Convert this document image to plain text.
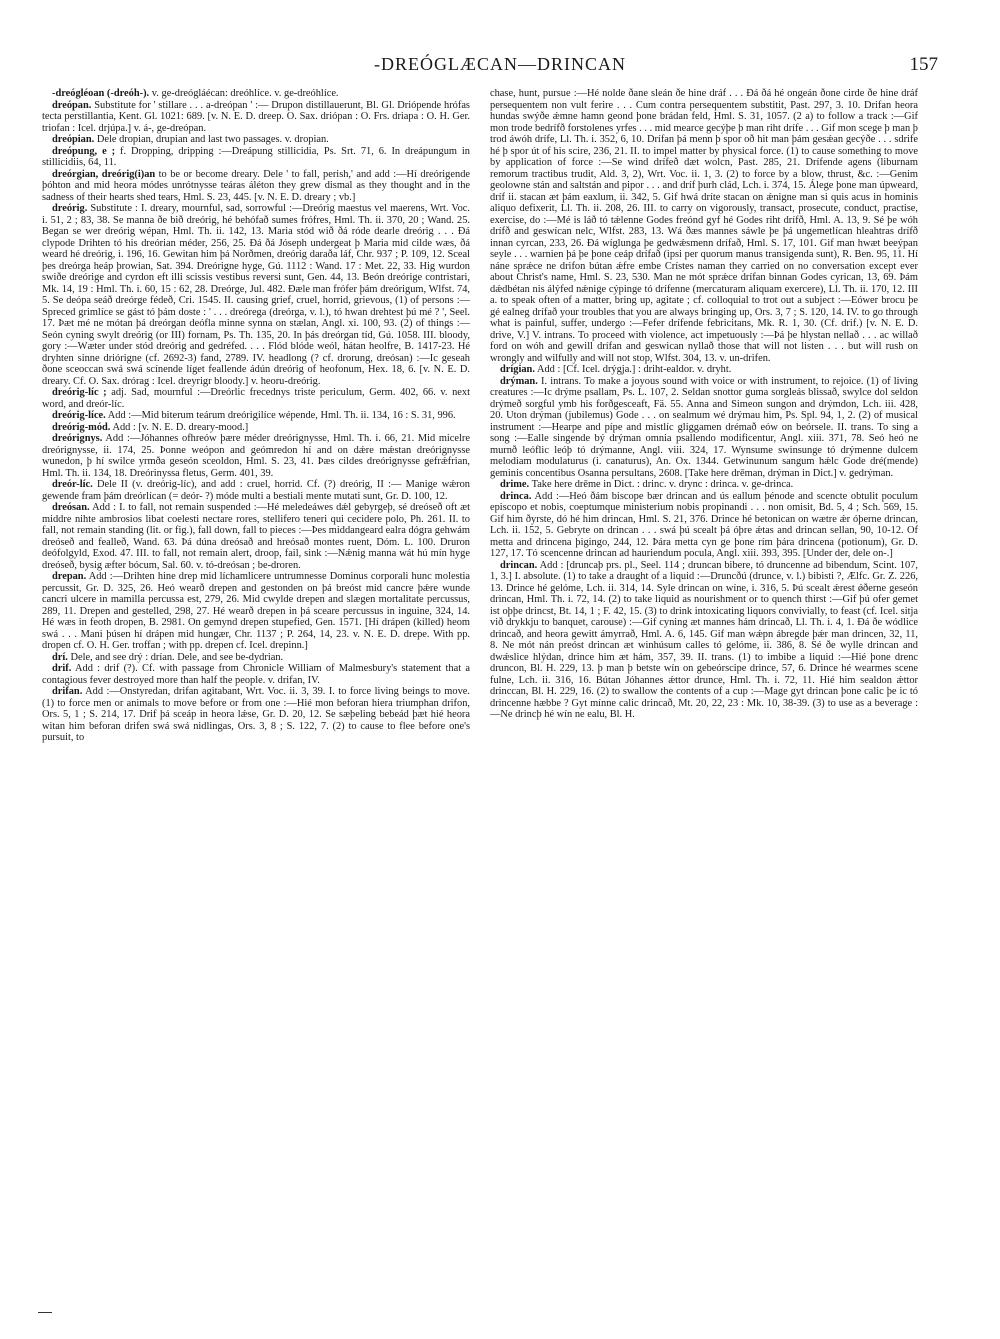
-DREÓGLÆCAN—DRINCAN	157

-dreógléoan (-dreóh-). v. ge-dreógláécan: dreóhlíce. v. ge-dreóhlíce.

dreópan. Substitute for ' stillare . . . a-dreópan ' :— Drupon distillauerunt, Bl. Gl. Driópende hrófas tecta perstillantia, Kent. Gl. 1021: 689. [v. N. E. D. dreep. O. Sax. driópan : O. Frs. driapa : O. H. Ger. triofan : Icel. drjúpa.] v. á-, ge-dreópan.

dreópian. Dele dropian, drupian and last two passages. v. dropian.

dreópung, e ; f. Dropping, dripping :—Dreápung stillicidia, Ps. Srt. 71, 6. In dreápungum in stillicidiis, 64, 11.

dreórgian, dreórig(i)an to be or become dreary. Dele ' to fall, perish,' and add :—Hí dreórigende þóhton and mid heora módes unrótnysse teáras áléton they grew dismal as they thought and in the sadness of their hearts shed tears, Hml. S. 23, 445. [v. N. E. D. dreary ; vb.]

dreórig. Substitute : I. dreary, mournful, sad, sorrowful :—Dreórig maestus vel maerens, Wrt. Voc. i. 51, 2 ; 83, 38. Se manna ðe bið dreórig, hé behófað sumes frófres, Hml. Th. ii. 370, 20 ; Wand. 25. Began se wer dreórig wépan, Hml. Th. ii. 142, 13. Maria stód wið ðá róde dearle dreórig . . . Ðá clypode Drihten tó his dreórian méder, 256, 25. Ðá ðá Jóseph undergeat þ Maria mid cilde wæs, ðá weard hé dreórig, i. 196, 16. Gewitan him þá Norðmen, dreórig daraða láf, Chr. 937 ; P. 109, 12. Sceal þes dreórga heáp þrowian, Sat. 394. Dreórigne hyge, Gú. 1112 : Wand. 17 : Met. 22, 33. Hig wurdon swiðe dreórige and cyrdon eft illi scissis vestibus reversi sunt, Gen. 44, 13. Beón dreórige contristari, Mk. 14, 19 : Hml. Th. i. 60, 15 : 62, 28. Dreórge, Jul. 482. Ðæle man frófer þám dreórigum, Wlfst. 74, 5. Se deópa seáð dreórge fédeð, Cri. 1545. II. causing grief, cruel, horrid, grievous, (1) of persons :—Spreced grimlíce se gást tó þám doste : ' . . . dreórega (dreórga, v. l.), tó hwan drehtest þú mé ? ', Seel. 17. Þæt mé ne mótan þá dreórgan deófla minne synna on stælan, Angl. xi. 100, 93. (2) of things :—Seón cyning swylt dreórig (or III) fornam, Ps. Th. 135, 20. In þás dreórgan tíd, Gú. 1058. III. bloody, gory :—Wæter under stód dreórig and gedréfed. . . . Flód blóde weól, hátan heolfre, B. 1417-23. Hé dryhten sinne driórigne (cf. 2692-3) fand, 2789. IV. headlong (? cf. drorung, dreósan) :—Ic geseah ðone sceoccan swá swá scínende líget feallende ádún dreórig of heofonum, Hex. 18, 6. [v. N. E. D. dreary. Cf. O. Sax. drórag : Icel. dreyrigr bloody.] v. heoru-dreórig.

dreórig-líc ; adj. Sad, mournful :—Dreórlic frecednys triste periculum, Germ. 402, 66. v. next word, and dreór-líc.

dreórig-líce. Add :—Mid biterum teárum dreórigilíce wépende, Hml. Th. ii. 134, 16 : S. 31, 996.

dreórig-mód. Add : [v. N. E. D. dreary-mood.]

dreórignys. Add :—Jóhannes ofhreów þære méder dreórignysse, Hml. Th. i. 66, 21. Mid micelre dreórignysse, ii. 174, 25. Þonne weópon and geómredon hí and on dǽre mǽstan dreórignysse wunedon, þ hí swilce yrmða geseón sceoldon, Hml. S. 23, 41. Þæs cildes dreórignysse gefrǽfrian, Hml. Th. ii. 134, 18. Dreórinyssa fletus, Germ. 401, 39.

dreór-líc. Dele II (v. dreórig-líc), and add : cruel, horrid. Cf. (?) dreórig, II :— Manige wǽron gewende fram þám dreórlícan (= deór- ?) móde multi a bestiali mente mutati sunt, Gr. D. 100, 12.

dreósan. Add : I. to fall, not remain suspended :—Hé meledeáwes dǽl gebyrgeþ, sé dreóseð oft æt middre nihte ambrosios libat coelesti nectare rores, stellifero teneri qui cecidere polo, Ph. 261. II. to fall, not remain standing (lit. or fig.), fall down, fall to pieces :—Þes middangeard ealra dógra gehwám dreóseð and fealleð, Wand. 63. Þá dúna dreósað and hreósað montes ruent, Dóm. L. 100. Druron deófolgyld, Exod. 47. III. to fall, not remain alert, droop, fail, sink :—Nǽnig manna wát hú mín hyge dreóseð, bysig æfter bócum, Sal. 60. v. tó-dreósan ; be-droren.

drepan. Add :—Drihten hine drep mid líchamlicere untrumnesse Dominus corporali hunc molestia percussit, Gr. D. 325, 26. Heó wearð drepen and gestonden on þá breóst mid cancre þǽre wunde cancri ulcere in mamilla percussa est, 279, 26. Mid cwylde drepen and slægen mortalitate percussus, 289, 11. Drepen and gestelled, 298, 27. Hé wearð drepen in þá sceare percussus in inguine, 324, 14. Hé wæs in feoth dropen, B. 2981. On gemynd drepen stupefied, Gen. 1571. [Hí drápen (killed) heom swá . . . Mani þúsen hí drápen mid hungær, Chr. 1137 ; P. 264, 14, 23. v. N. E. D. drepe. With pp. dropen cf. O. H. Ger. troffan ; with pp. drepen cf. Icel. drepinn.]

drí. Dele, and see drý : drían. Dele, and see be-dydrian.

drif. Add : drif (?). Cf. with passage from Chronicle William of Malmesbury's statement that a contagious fever destroyed more than half the people. v. drifan, IV.

drifan. Add :—Onstyredan, drifan agitabant, Wrt. Voc. ii. 3, 39. I. to force living beings to move. (1) to force men or animals to move before or from one :—Hié mon beforan hiera triumphan drifon, Ors. 5, 1 ; S. 214, 17. Drif þá sceáp in heora lǽse, Gr. D. 20, 12. Se sæþeling bebeád þæt hié heora witan him beforan drifen swá swá nidlingas, Ors. 3, 8 ; S. 122, 7. (2) to cause to flee before one's pursuit, to

chase, hunt, pursue :—Hé nolde ðane sleán ðe hine dráf . . . Ðá ðá hé ongeán ðone cirde ðe hine dráf persequentem non vult ferire . . . Cum contra persequentem substitit, Past. 297, 3. 10. Drifan heora hundas swýðe ǽmne hamn geond þone brádan feld, Hml. S. 31, 1057. (2 a) to follow a track :—Gif mon trode bedrífð forstolenes yrfes . . . mid mearce gecýþe þ man riht drífe . . . Gif mon scege þ man þ trod áwóh drífe, Ll. Th. i. 352, 6, 10. Drífan þá menn þ spor oð hit man þám gesǽan gecýðe . . . sdrife hé þ spor út of his scire, 236, 21. II. to impel matter by physical force. (1) to cause something to move by application of force :—Se wind drífeð dæt wolcn, Past. 285, 21. Drífende agens (liburnam remorum tractibus trudit, Ald. 3, 2), Wrt. Voc. ii. 1, 3. (2) to force by a blow, thrust, &c. :—Genim geolowne stán and saltstán and pipor . . . and dríf þurh clád, Lch. i. 374, 15. Álege þone man úpweard, dríf ii. stacan æt þám eaxlum, ii. 342, 5. Gif hwá dríte stacan on ǽnigne man si quis acus in hominis aliquo defixerit, Ll. Th. ii. 208, 26. III. to carry on vigorously, transact, prosecute, conduct, practise, exercise, do :—Mé is láð tó tǽlenne Godes freónd gyf hé Godes riht drífð, Hml. A. 13, 9. Sé þe wóh drífð and geswícan nelc, Wlfst. 283, 13. Wá ðæs mannes sáwle þe þá ungemetlícan hleahtras drífð innan cyrcan, 233, 26. Ðá wíglunga þe gedwǽsmenn drífað, Hml. S. 17, 101. Gif man hwæt beeýpan seyle . . . warnien þá þe þone ceáp drífað (ipsi per quorum manus transigenda sunt), R. Ben. 95, 11. Hí náne sprǽce ne drifon bútan ǽfre embe Crístes naman they carried on no conversation except ever about Christ's name, Hml. S. 23, 530. Man ne mót sprǽce drífan binnan Godes cyrican, 13, 69. Þám dǽdbétan nis álýfed nǽnige cýpinge tó drífenne (mercaturam aliquam exercere), Ll. Th. ii. 170, 12. III a. to speak often of a matter, bring up, agitate ; cf. colloquial to trot out a subject :—Eówer brocu þe gé ealneg drífað your troubles that you are always bringing up, Ors. 3, 7 ; S. 120, 14. IV. to go through what is painful, suffer, undergo :—Fefer drífende febricitans, Mk. R. 1, 30. (Cf. drif.) [v. N. E. D. drive, V.] V. intrans. To proceed with violence, act impetuously :—Þá þe hlystan nellað . . . ac willað ford on wóh and gewill drífan and geswican nyllað those that will not listen . . . but will rush on wrongly and wilfully and will not stop, Wlfst. 304, 13. v. un-drifen.

drígian. Add : [Cf. Icel. drýgja.] : driht-ealdor. v. dryht.

drýman. I. intrans. To make a joyous sound with voice or with instrument, to rejoice. (1) of living creatures :—Ic drýme psallam, Ps. L. 107, 2. Seldan snottor guma sorgleás blissað, swylce dol seldon drýmeð sorgful ymb his forðgesceaft, Fä. 55. Anna and Simeon sungon and drýmdon, Lch. iii. 428, 20. Uton drýman (jubilemus) Gode . . . on sealmum wé drýmau him, Ps. Spl. 94, 1, 2. (2) of musical instrument :—Hearpe and pípe and mistlíc gliggamen drémað eów on beórsele. II. trans. To sing a song :—Ealle singende bý drýman omnia psallendo modificentur, Angl. xiii. 371, 78. Seó heó ne murnð leóflic leóþ tó drýmanne, Angl. viii. 324, 17. Wynsume swinsunge tó drýmenne dulcem melodiam modulaturus (i. canaturus), An. Ox. 1344. Getwinunum sangum hǽlc Gode dré(mende) geminis concentibus Osanna persultans, 2608. [Take here drēman, drýman in Dict.] v. gedrýman.

drime. Take here drēme in Dict. : drinc. v. drync : drinca. v. ge-drinca.

drinca. Add :—Heó ðám biscope bær drincan and ús eallum þénode and scencte obtulit poculum episcopo et nobis, coeptumque ministerium nobis propinandi . . . non omisit, Bd. 5, 4 ; Sch. 569, 15. Gif him ðyrste, dó hé him drincan, Hml. S. 21, 376. Drince hé betonican on wætre ǽr óþerne drincan, Lch. ii. 152, 5. Gebryte on drincan . . . swá þú scealt þá óþre ǽtas and drincan sellan, 90, 10-12. Of metta and drincena þigingo, 244, 12. Þára metta cyn ge þone rím þára drincena (potionum), Gr. D. 127, 17. Tó scencenne drincan ad hauriendum pocula, Angl. xiii. 393, 395. [Under der, dele on-.]

drincan. Add : [druncaþ prs. pl., Seel. 114 ; druncan bibere, tó druncenne ad bibendum, Scint. 107, 1, 3.] I. absolute. (1) to take a draught of a liquid :—Druncðú (drunce, v. l.) bibisti ?, Ælfc. Gr. Z. 226, 13. Drince hé gelóme, Lch. ii. 314, 14. Syle drincan on wíne, i. 316, 5. Þú scealt ǽrest ǿðerne geseón drincan, Hml. Th. i. 72, 14. (2) to take liquid as nourishment or to quench thirst :—Gif þú ofer gemet ist oþþe drincst, Bt. 14, 1 ; F. 42, 15. (3) to drink intoxicating liquors convivially, to feast (cf. Icel. sitja við drykkju to banquet, carouse) :—Gif cyning æt mannes hám drincað, Ll. Th. i. 4, 1. Ðá ðe wódlice drincað, and heora gewitt ámyrrað, Hml. A. 6, 145. Gif man wǽpn ábregde þǽr man drincen, 32, 11, 8. Ne mót nán preóst drincan æt winhúsum calles tó gelóme, ii. 386, 8. Sé ðe wylle drincan and dwǽslice hlýdan, drince him æt hám, 357, 39. II. trans. (1) to imbibe a liquid :—Hié þone drenc druncon, Bl. H. 229, 13. þ man þ betste wín on gebeórscipe drince, 57, 6. Drince hé wearmes scene fulne, Lch. ii. 316, 16. Bútan Jóhannes ǽttor drunce, Hml. Th. i. 72, 11. Hié him sealdon ǽttor drinccan, Bl. H. 229, 16. (2) to swallow the contents of a cup :—Mage gyt drincan þone calic þe ic tó drincenne hæbbe ? Gyt mínne calic drincað, Mt. 20, 22, 23 : Mk. 10, 38-39. (3) to use as a beverage :—Ne drincþ hé wín ne ealu, Bl. H.
